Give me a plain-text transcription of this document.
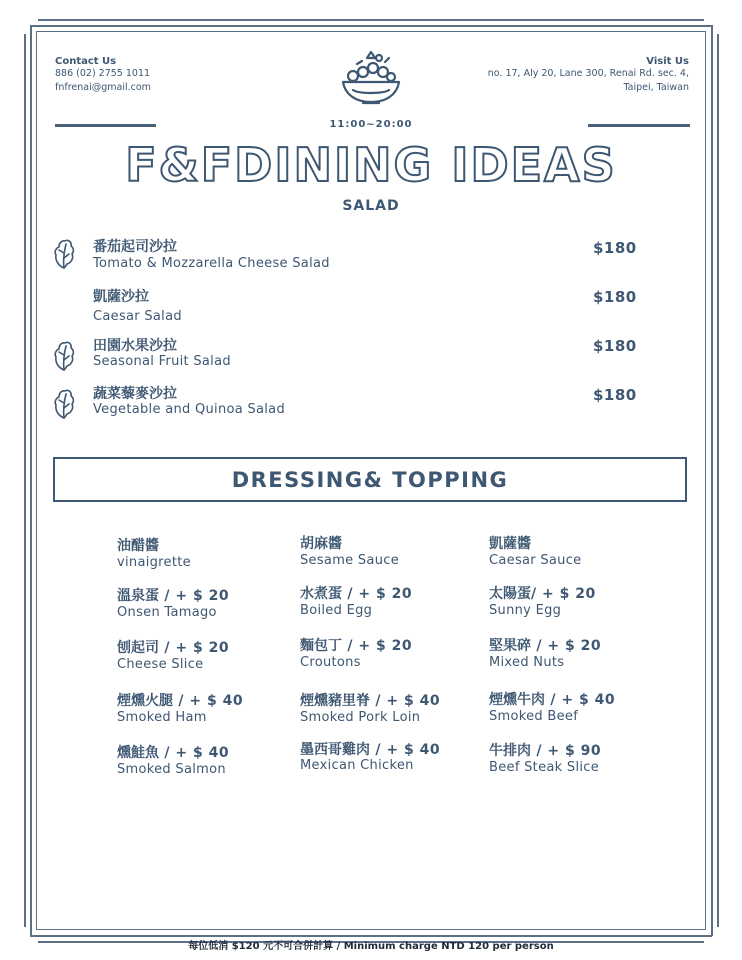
Contact Us
886 (02) 2755 1011
fnfrenai@gmail.com
Visit Us
no. 17, Aly 20, Lane 300, Renai Rd. sec. 4,
Taipei, Taiwan
11:00~20:00
F&FDINING IDEAS
SALAD
番茄起司沙拉
Tomato & Mozzarella Cheese Salad
$180
凱薩沙拉
Caesar Salad
$180
田園水果沙拉
Seasonal Fruit Salad
$180
蔬菜藜麥沙拉
Vegetable and Quinoa Salad
$180
DRESSING& TOPPING
油醋醬
vinaigrette
胡麻醬
Sesame Sauce
凱薩醬
Caesar Sauce
溫泉蛋 / + $ 20
Onsen Tamago
水煮蛋 / + $ 20
Boiled Egg
太陽蛋/ + $ 20
Sunny Egg
刨起司 / + $ 20
Cheese Slice
麵包丁 / + $ 20
Croutons
堅果碎 / + $ 20
Mixed Nuts
煙燻火腿 / + $ 40
Smoked Ham
煙燻豬里脊 / + $ 40
Smoked Pork Loin
煙燻牛肉 / + $ 40
Smoked Beef
燻鮭魚 / + $ 40
Smoked Salmon
墨西哥雞肉 / + $ 40
Mexican Chicken
牛排肉 / + $ 90
Beef Steak Slice
每位低消 $120 元不可合併計算 / Minimum charge NTD 120 per person
